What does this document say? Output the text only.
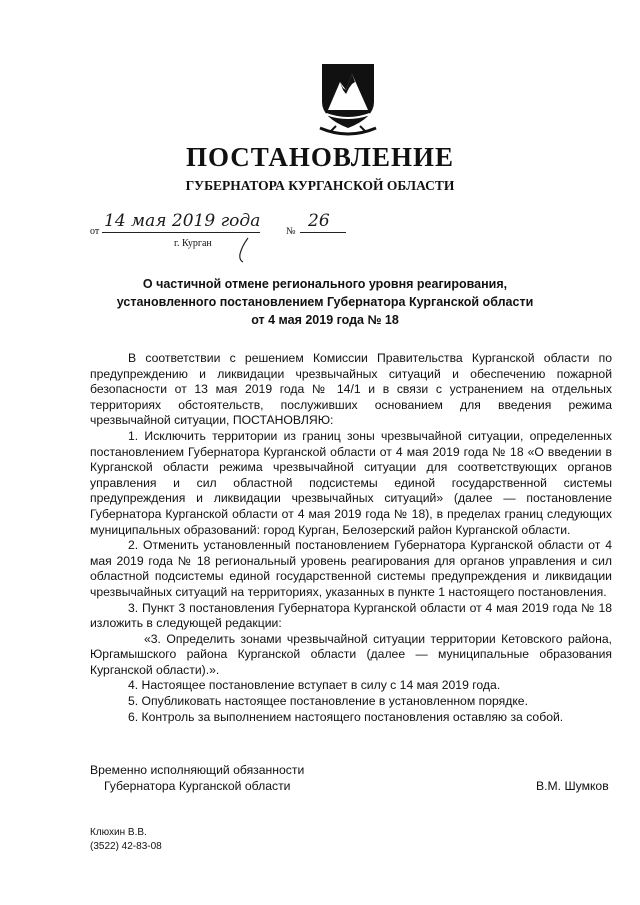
ПОСТАНОВЛЕНИЕ
ГУБЕРНАТОРА КУРГАНСКОЙ ОБЛАСТИ
от
14 мая 2019 года
№
26
г. Курган
О частичной отмене регионального уровня реагирования,
установленного постановлением Губернатора Курганской области
от 4 мая 2019 года № 18

В соответствии с решением Комиссии Правительства Курганской области по предупреждению и ликвидации чрезвычайных ситуаций и обеспечению пожарной безопасности от 13 мая 2019 года № 14/1 и в связи с устранением на отдельных территориях обстоятельств, послуживших основанием для введения режима чрезвычайной ситуации, ПОСТАНОВЛЯЮ:

1. Исключить территории из границ зоны чрезвычайной ситуации, определенных постановлением Губернатора Курганской области от 4 мая 2019 года № 18 «О введении в Курганской области режима чрезвычайной ситуации для соответствующих органов управления и сил областной подсистемы единой государственной системы предупреждения и ликвидации чрезвычайных ситуаций» (далее — постановление Губернатора Курганской области от 4 мая 2019 года № 18), в пределах границ следующих муниципальных образований: город Курган, Белозерский район Курганской области.

2. Отменить установленный постановлением Губернатора Курганской области от 4 мая 2019 года № 18 региональный уровень реагирования для органов управления и сил областной подсистемы единой государственной системы предупреждения и ликвидации чрезвычайных ситуаций на территориях, указанных в пункте 1 настоящего постановления.

3. Пункт 3 постановления Губернатора Курганской области от 4 мая 2019 года № 18 изложить в следующей редакции:

«3. Определить зонами чрезвычайной ситуации территории Кетовского района, Юргамышского района Курганской области (далее — муниципальные образования Курганской области).».

4. Настоящее постановление вступает в силу с 14 мая 2019 года.

5. Опубликовать настоящее постановление в установленном порядке.

6. Контроль за выполнением настоящего постановления оставляю за собой.

Временно исполняющий обязанности
Губернатора Курганской области	В.М. Шумков
Клюхин В.В.
(3522) 42-83-08
